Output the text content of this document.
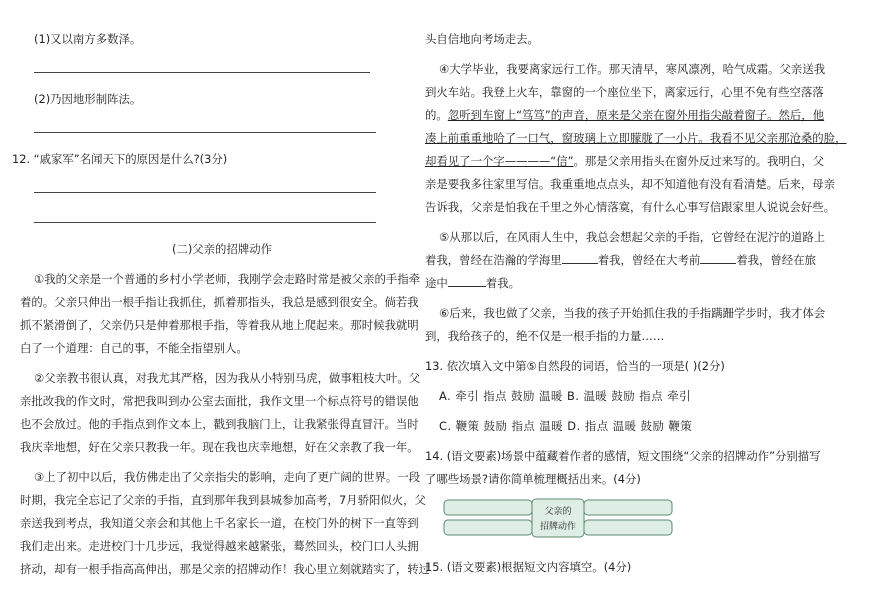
(1)又以南方多数泽。
(2)乃因地形制阵法。
12. “戚家军”名闻天下的原因是什么?(3分)
(二)父亲的招牌动作
①我的父亲是一个普通的乡村小学老师，我刚学会走路时常是被父亲的手指牵
着的。父亲只伸出一根手指让我抓住，抓着那指头，我总是感到很安全。倘若我
抓不紧滑倒了，父亲仍只是伸着那根手指，等着我从地上爬起来。那时候我就明
白了一个道理：自己的事，不能全指望别人。
②父亲教书很认真，对我尤其严格，因为我从小特别马虎，做事粗枝大叶。父
亲批改我的作文时，常把我叫到办公室去面批，我作文里一个标点符号的错误他
也不会放过。他的手指点到作文本上，戳到我脑门上，让我紧张得直冒汗。当时
我庆幸地想，好在父亲只教我一年。现在我也庆幸地想，好在父亲教了我一年。
③上了初中以后，我仿佛走出了父亲指尖的影响，走向了更广阔的世界。一段
时期，我完全忘记了父亲的手指，直到那年我到县城参加高考，7月骄阳似火，父
亲送我到考点，我知道父亲会和其他上千名家长一道，在校门外的树下一直等到
我们走出来。走进校门十几步远，我觉得越来越紧张，蓦然回头，校门口人头拥
挤动，却有一根手指高高伸出，那是父亲的招牌动作！我心里立刻就踏实了，转过
头自信地向考场走去。
④大学毕业，我要离家远行工作。那天清早，寒风凛冽，哈气成霜。父亲送我
到火车站。我登上火车，靠窗的一个座位坐下，离家远行，心里不免有些空落落
的。忽听到车窗上“笃笃”的声音，原来是父亲在窗外用指尖敲着窗子。然后，他
凑上前重重地哈了一口气，窗玻璃上立即朦胧了一小片。我看不见父亲那沧桑的脸，
却看见了一个字————“信”。那是父亲用指头在窗外反过来写的。我明白，父
亲是要我多往家里写信。我重重地点点头，却不知道他有没有看清楚。后来，母亲
告诉我，父亲是怕我在千里之外心情落寞，有什么心事写信跟家里人说说会好些。
⑤从那以后，在风雨人生中，我总会想起父亲的手指，它曾经在泥泞的道路上
着我，曾经在浩瀚的学海里	着我，曾经在大考前	着我，曾经在旅
途中	着我。
⑥后来，我也做了父亲，当我的孩子开始抓住我的手指蹒跚学步时，我才体会
到，我给孩子的，绝不仅是一根手指的力量……
13. 依次填入文中第⑤自然段的词语，恰当的一项是( )(2分)
A. 牵引 指点 鼓励 温暖 B. 温暖 鼓励 指点 牵引
C. 鞭策 鼓励 指点 温暖 D. 指点 温暖 鼓励 鞭策
14. (语文要素)场景中蕴藏着作者的感情，短文围绕“父亲的招牌动作”分别描写
了哪些场景?请你简单梳理概括出来。(4分)
父亲的
招牌动作
15. (语文要素)根据短文内容填空。(4分)
